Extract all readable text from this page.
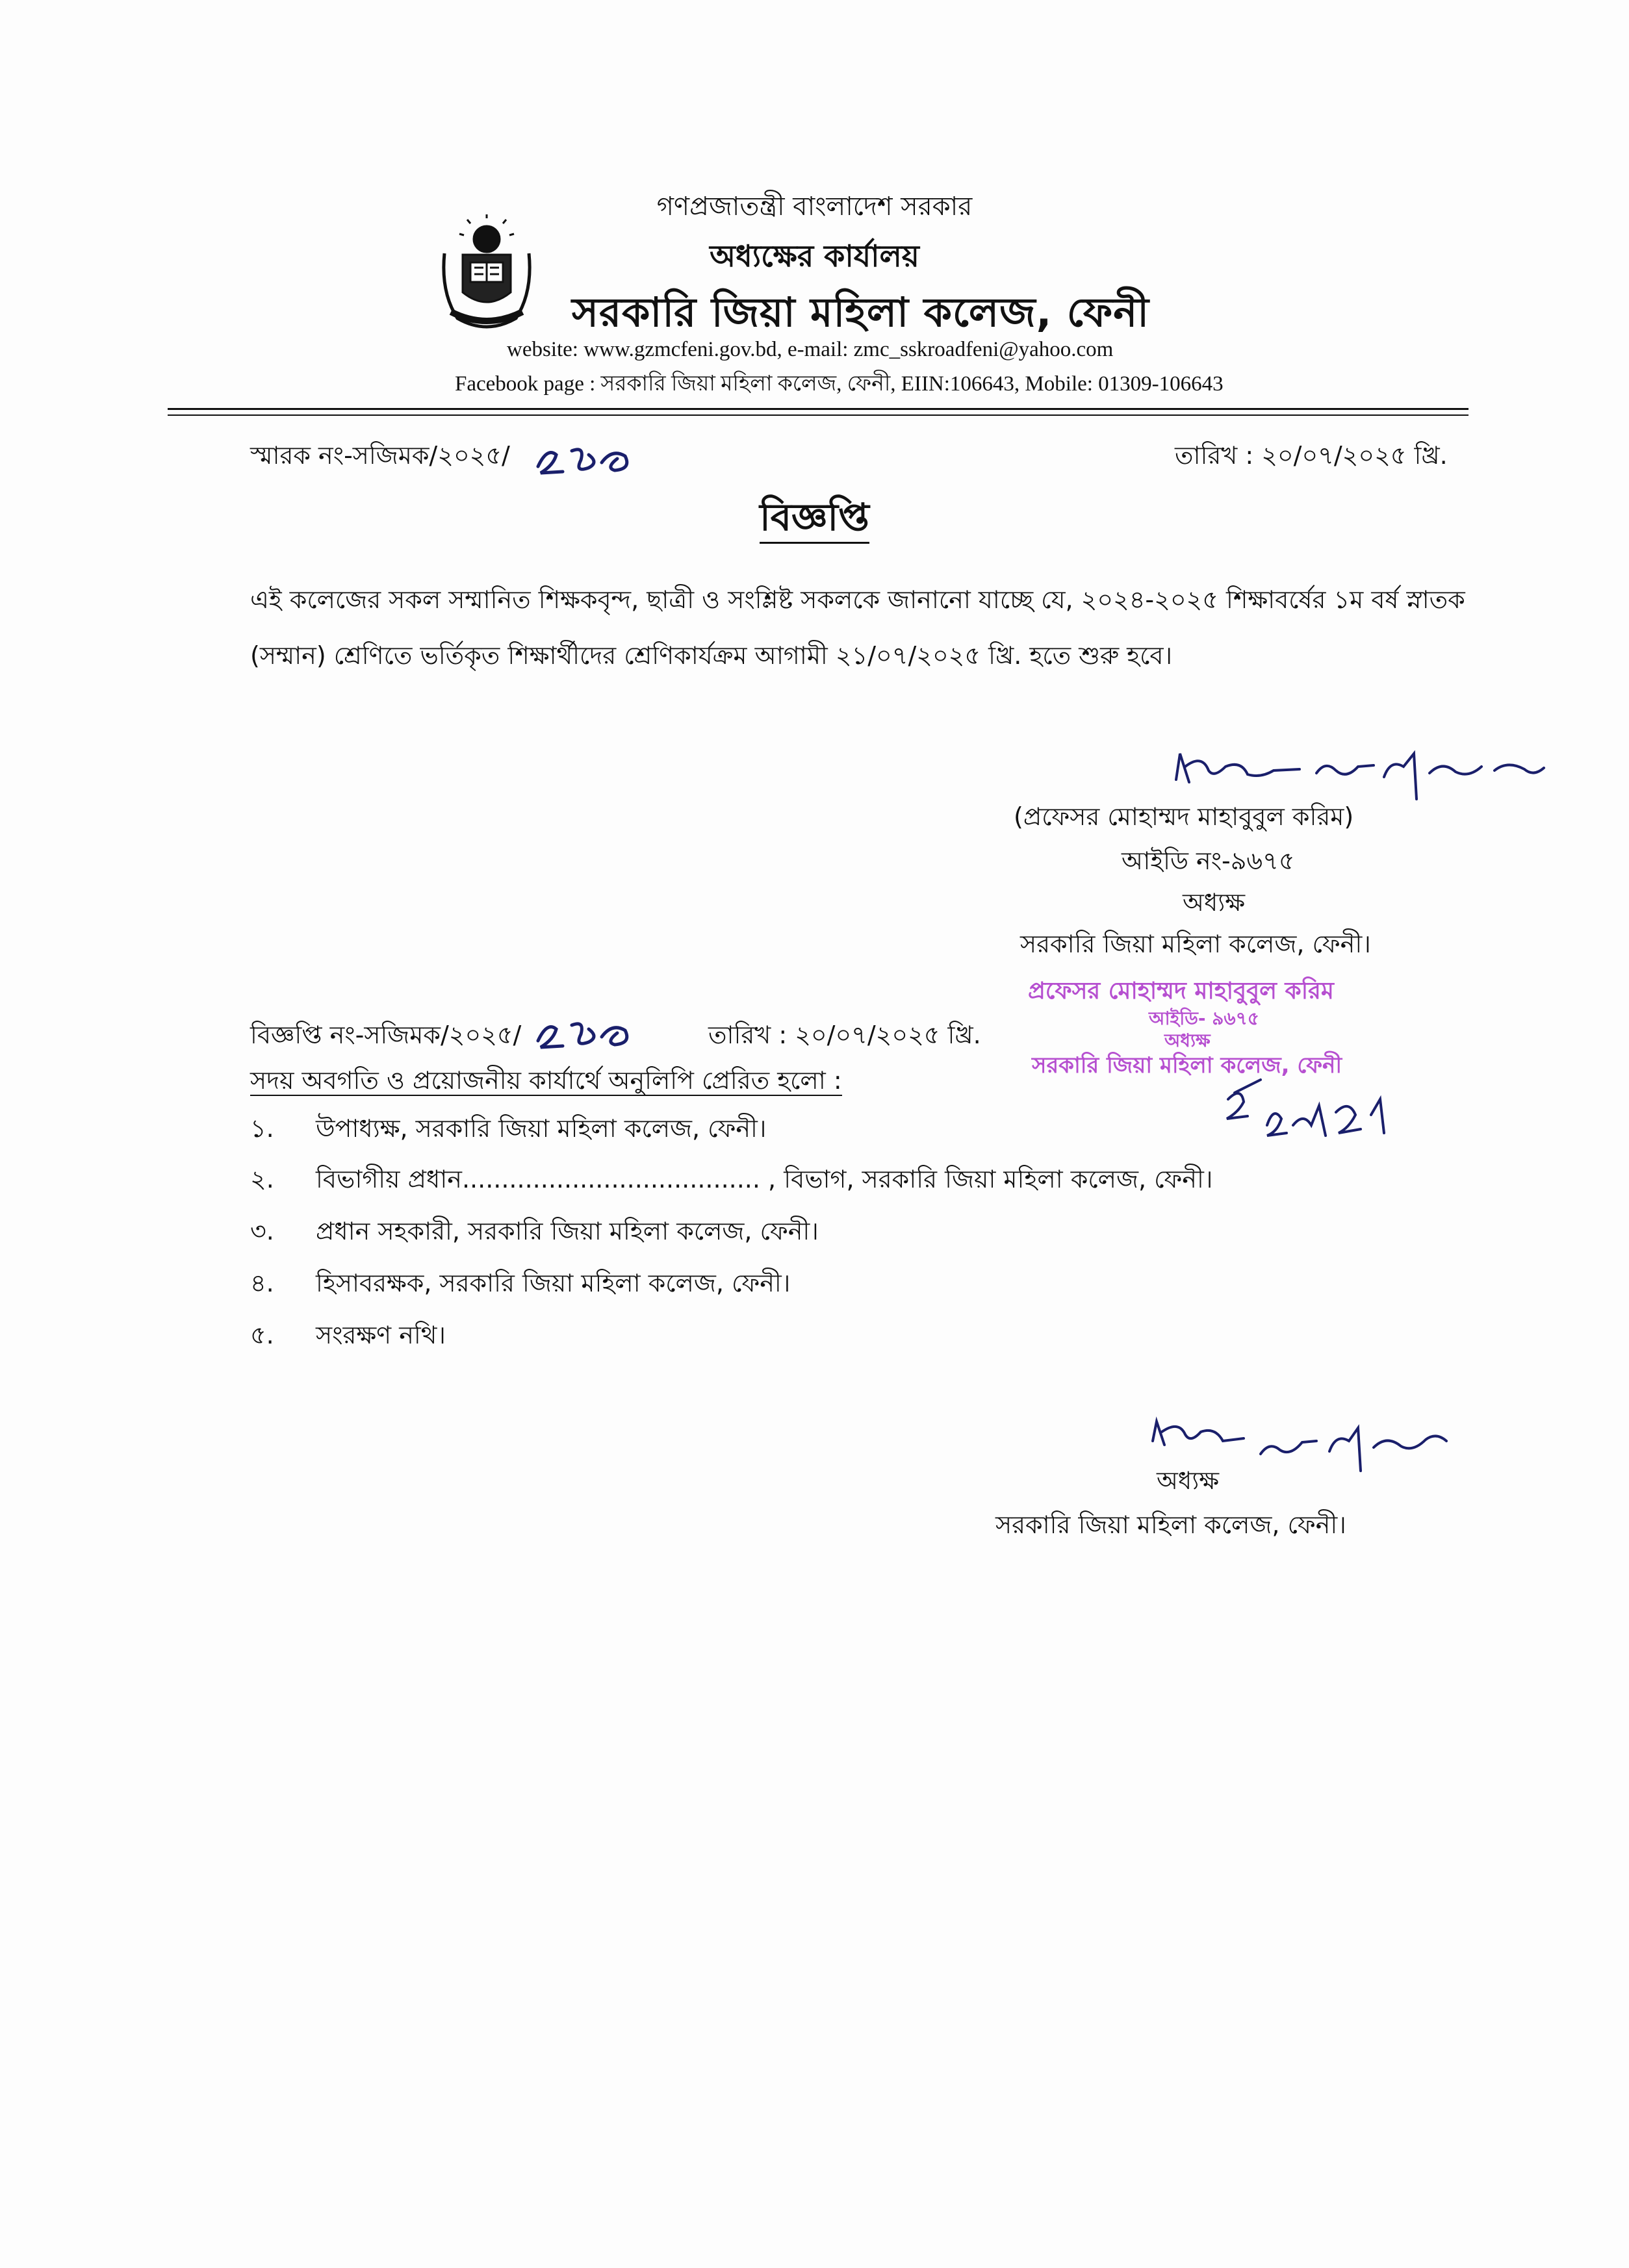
গণপ্রজাতন্ত্রী বাংলাদেশ সরকার
অধ্যক্ষের কার্যালয়
সরকারি জিয়া মহিলা কলেজ, ফেনী
website: www.gzmcfeni.gov.bd, e-mail: zmc_sskroadfeni@yahoo.com
Facebook page : সরকারি জিয়া মহিলা কলেজ, ফেনী, EIIN:106643, Mobile: 01309-106643
স্মারক নং-সজিমক/২০২৫/	তারিখ : ২০/০৭/২০২৫ খ্রি.
বিজ্ঞপ্তি
এই কলেজের সকল সম্মানিত শিক্ষকবৃন্দ, ছাত্রী ও সংশ্লিষ্ট সকলকে জানানো যাচ্ছে যে, ২০২৪-২০২৫ শিক্ষাবর্ষের ১ম বর্ষ স্নাতক (সম্মান) শ্রেণিতে ভর্তিকৃত শিক্ষার্থীদের শ্রেণিকার্যক্রম আগামী ২১/০৭/২০২৫ খ্রি. হতে শুরু হবে।
(প্রফেসর মোহাম্মদ মাহাবুবুল করিম)
আইডি নং-৯৬৭৫
অধ্যক্ষ
সরকারি জিয়া মহিলা কলেজ, ফেনী।
প্রফেসর মোহাম্মদ মাহাবুবুল করিম
আইডি- ৯৬৭৫
অধ্যক্ষ
সরকারি জিয়া মহিলা কলেজ, ফেনী
বিজ্ঞপ্তি নং-সজিমক/২০২৫/	তারিখ : ২০/০৭/২০২৫ খ্রি.
সদয় অবগতি ও প্রয়োজনীয় কার্যার্থে অনুলিপি প্রেরিত হলো :
১. উপাধ্যক্ষ, সরকারি জিয়া মহিলা কলেজ, ফেনী।
২. বিভাগীয় প্রধান...................................... , বিভাগ, সরকারি জিয়া মহিলা কলেজ, ফেনী।
৩. প্রধান সহকারী, সরকারি জিয়া মহিলা কলেজ, ফেনী।
৪. হিসাবরক্ষক, সরকারি জিয়া মহিলা কলেজ, ফেনী।
৫. সংরক্ষণ নথি।
অধ্যক্ষ
সরকারি জিয়া মহিলা কলেজ, ফেনী।
